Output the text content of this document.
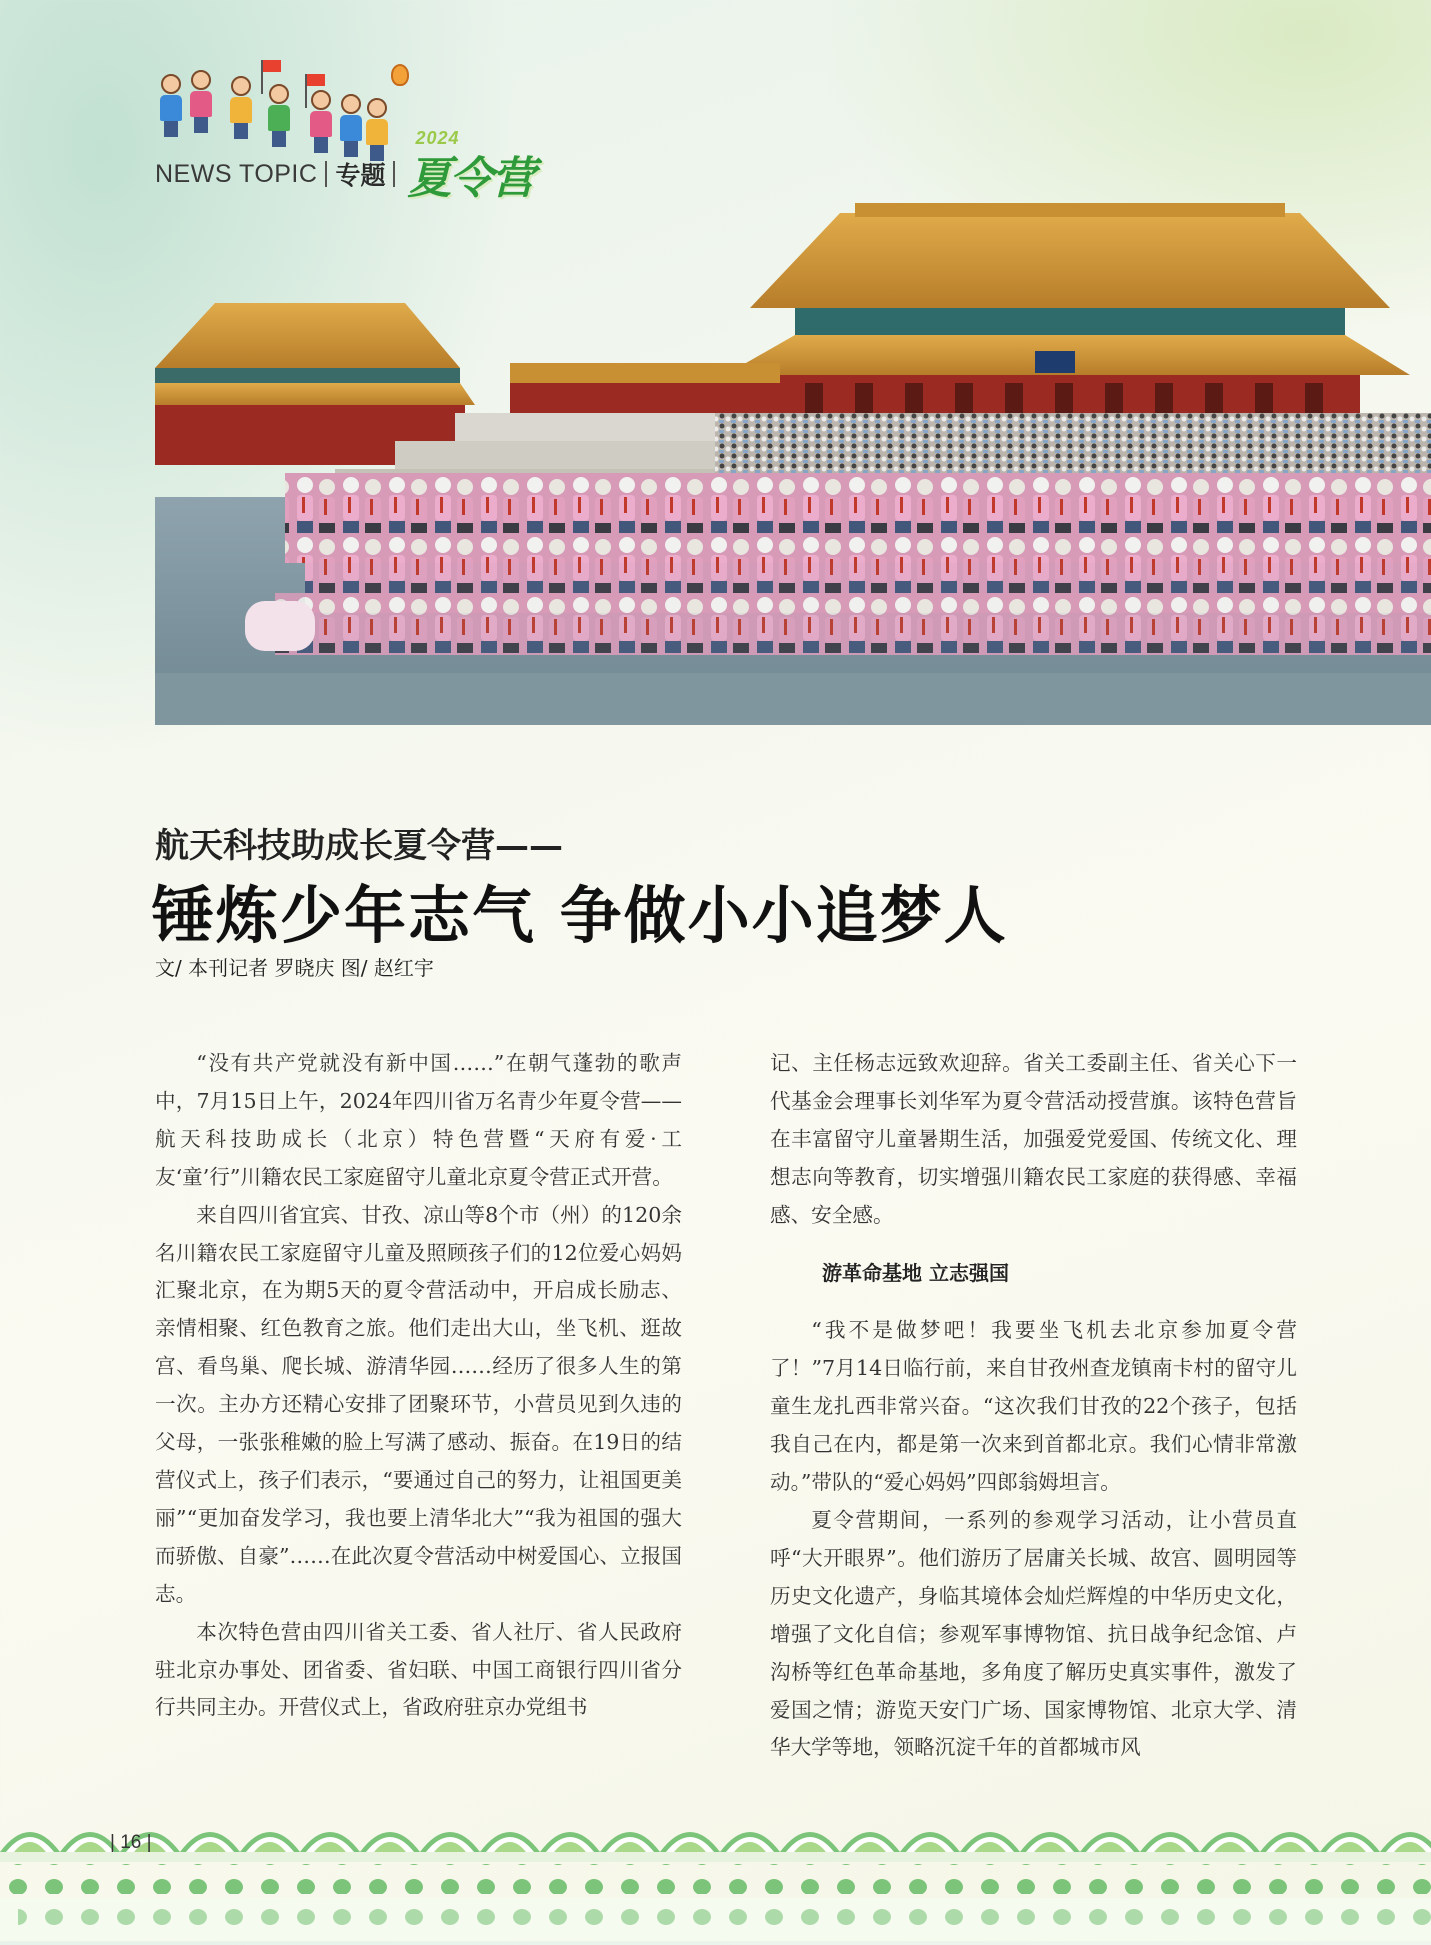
航天科技助成长夏令营——
锤炼少年志气 争做小小追梦人
文/ 本刊记者 罗晓庆 图/ 赵红宇

“没有共产党就没有新中国……”在朝气蓬勃的歌声中，7月15日上午，2024年四川省万名青少年夏令营——航天科技助成长（北京）特色营暨“天府有爱·工友‘童’行”川籍农民工家庭留守儿童北京夏令营正式开营。

来自四川省宜宾、甘孜、凉山等8个市（州）的120余名川籍农民工家庭留守儿童及照顾孩子们的12位爱心妈妈汇聚北京，在为期5天的夏令营活动中，开启成长励志、亲情相聚、红色教育之旅。他们走出大山，坐飞机、逛故宫、看鸟巢、爬长城、游清华园……经历了很多人生的第一次。主办方还精心安排了团聚环节，小营员见到久违的父母，一张张稚嫩的脸上写满了感动、振奋。在19日的结营仪式上，孩子们表示，“要通过自己的努力，让祖国更美丽”“更加奋发学习，我也要上清华北大”“我为祖国的强大而骄傲、自豪”……在此次夏令营活动中树爱国心、立报国志。

本次特色营由四川省关工委、省人社厅、省人民政府驻北京办事处、团省委、省妇联、中国工商银行四川省分行共同主办。开营仪式上，省政府驻京办党组书

记、主任杨志远致欢迎辞。省关工委副主任、省关心下一代基金会理事长刘华军为夏令营活动授营旗。该特色营旨在丰富留守儿童暑期生活，加强爱党爱国、传统文化、理想志向等教育，切实增强川籍农民工家庭的获得感、幸福感、安全感。

游革命基地 立志强国

“我不是做梦吧！我要坐飞机去北京参加夏令营了！”7月14日临行前，来自甘孜州查龙镇南卡村的留守儿童生龙扎西非常兴奋。“这次我们甘孜的22个孩子，包括我自己在内，都是第一次来到首都北京。我们心情非常激动。”带队的“爱心妈妈”四郎翁姆坦言。

夏令营期间，一系列的参观学习活动，让小营员直呼“大开眼界”。他们游历了居庸关长城、故宫、圆明园等历史文化遗产，身临其境体会灿烂辉煌的中华历史文化，增强了文化自信；参观军事博物馆、抗日战争纪念馆、卢沟桥等红色革命基地，多角度了解历史真实事件，激发了爱国之情；游览天安门广场、国家博物馆、北京大学、清华大学等地，领略沉淀千年的首都城市风

| 16 |
